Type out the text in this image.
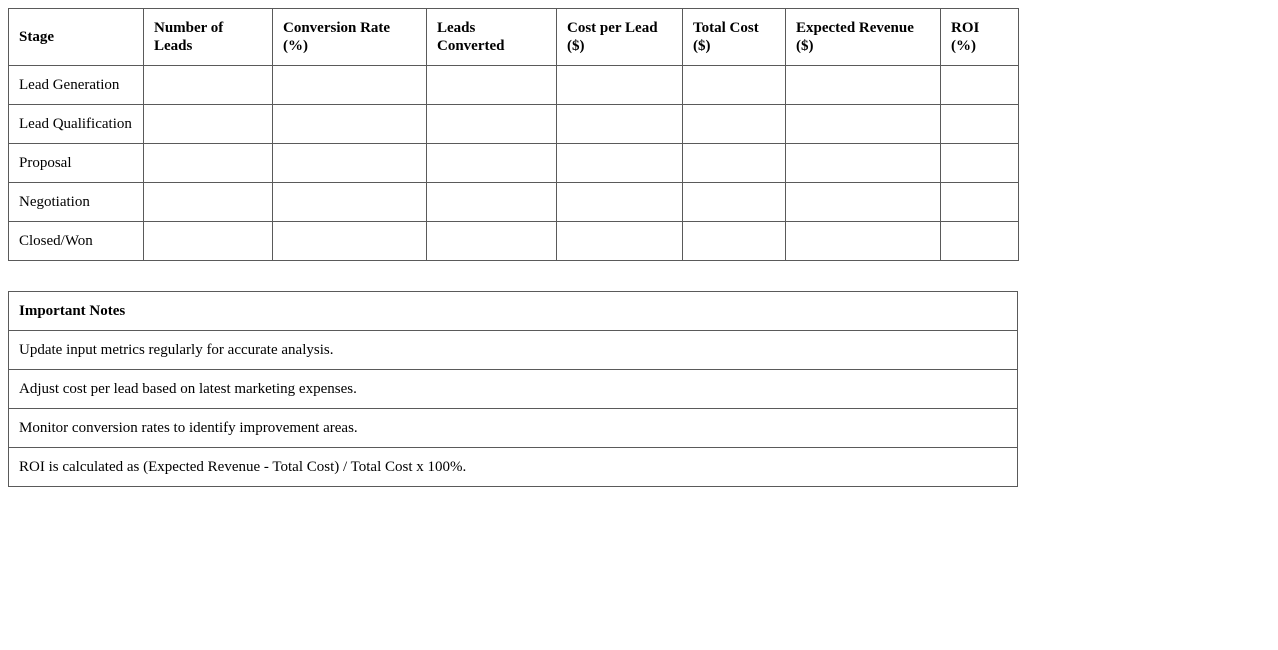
Stage	Number of Leads	Conversion Rate (%)	Leads Converted	Cost per Lead ($)	Total Cost ($)	Expected Revenue ($)	ROI (%)
Lead Generation							
Lead Qualification							
Proposal							
Negotiation							
Closed/Won							
Important Notes
Update input metrics regularly for accurate analysis.
Adjust cost per lead based on latest marketing expenses.
Monitor conversion rates to identify improvement areas.
ROI is calculated as (Expected Revenue - Total Cost) / Total Cost x 100%.
